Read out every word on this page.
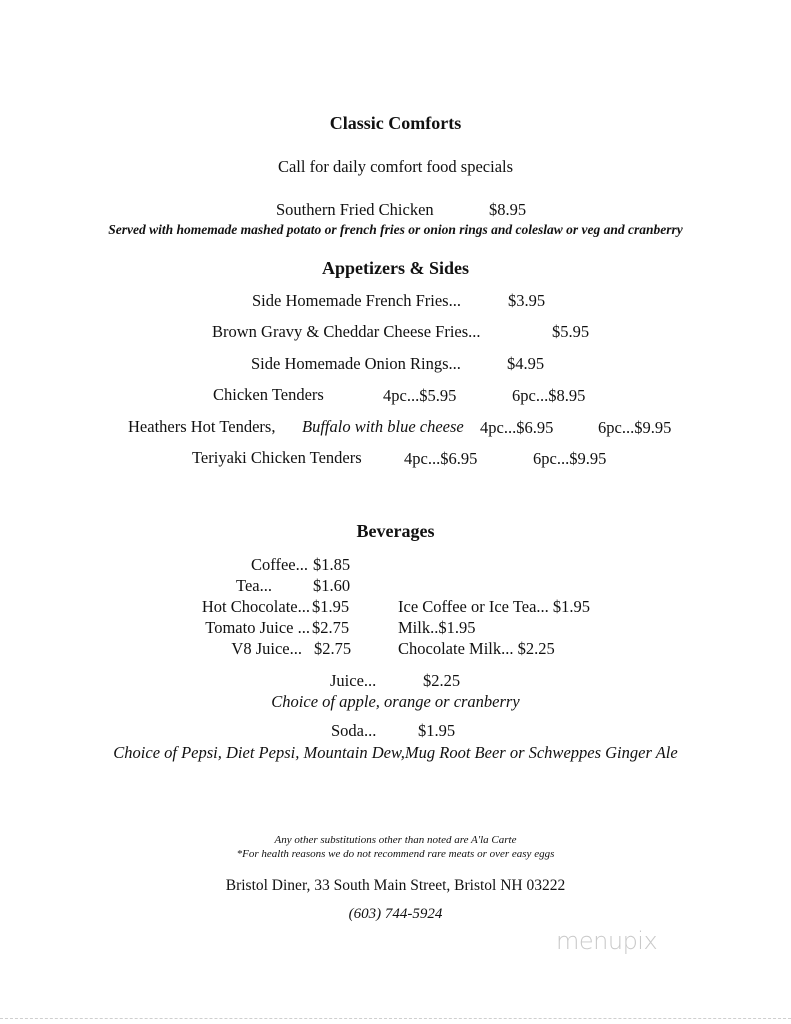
Classic Comforts
Call for daily comfort food specials
Southern Fried Chicken	$8.95
Served with homemade mashed potato or french fries or onion rings and coleslaw or veg and cranberry
Appetizers & Sides
Side Homemade French Fries...	$3.95
Brown Gravy & Cheddar Cheese Fries...	$5.95
Side Homemade Onion Rings...	$4.95
Chicken Tenders	4pc...$5.95	6pc...$8.95
Heathers Hot Tenders, Buffalo with blue cheese 4pc...$6.95	6pc...$9.95
Teriyaki Chicken Tenders	4pc...$6.95	6pc...$9.95
Beverages
Coffee... $1.85
Tea... $1.60
Hot Chocolate... $1.95
Tomato Juice ... $2.75
V8 Juice... $2.75
Ice Coffee or Ice Tea... $1.95
Milk..$1.95
Chocolate Milk... $2.25
Juice...	$2.25
Choice of apple, orange or cranberry
Soda...	$1.95
Choice of Pepsi, Diet Pepsi, Mountain Dew,Mug Root Beer or Schweppes Ginger Ale
Any other substitutions other than noted are A'la Carte
*For health reasons we do not recommend rare meats or over easy eggs
Bristol Diner, 33 South Main Street, Bristol NH 03222
(603) 744-5924
menupix
